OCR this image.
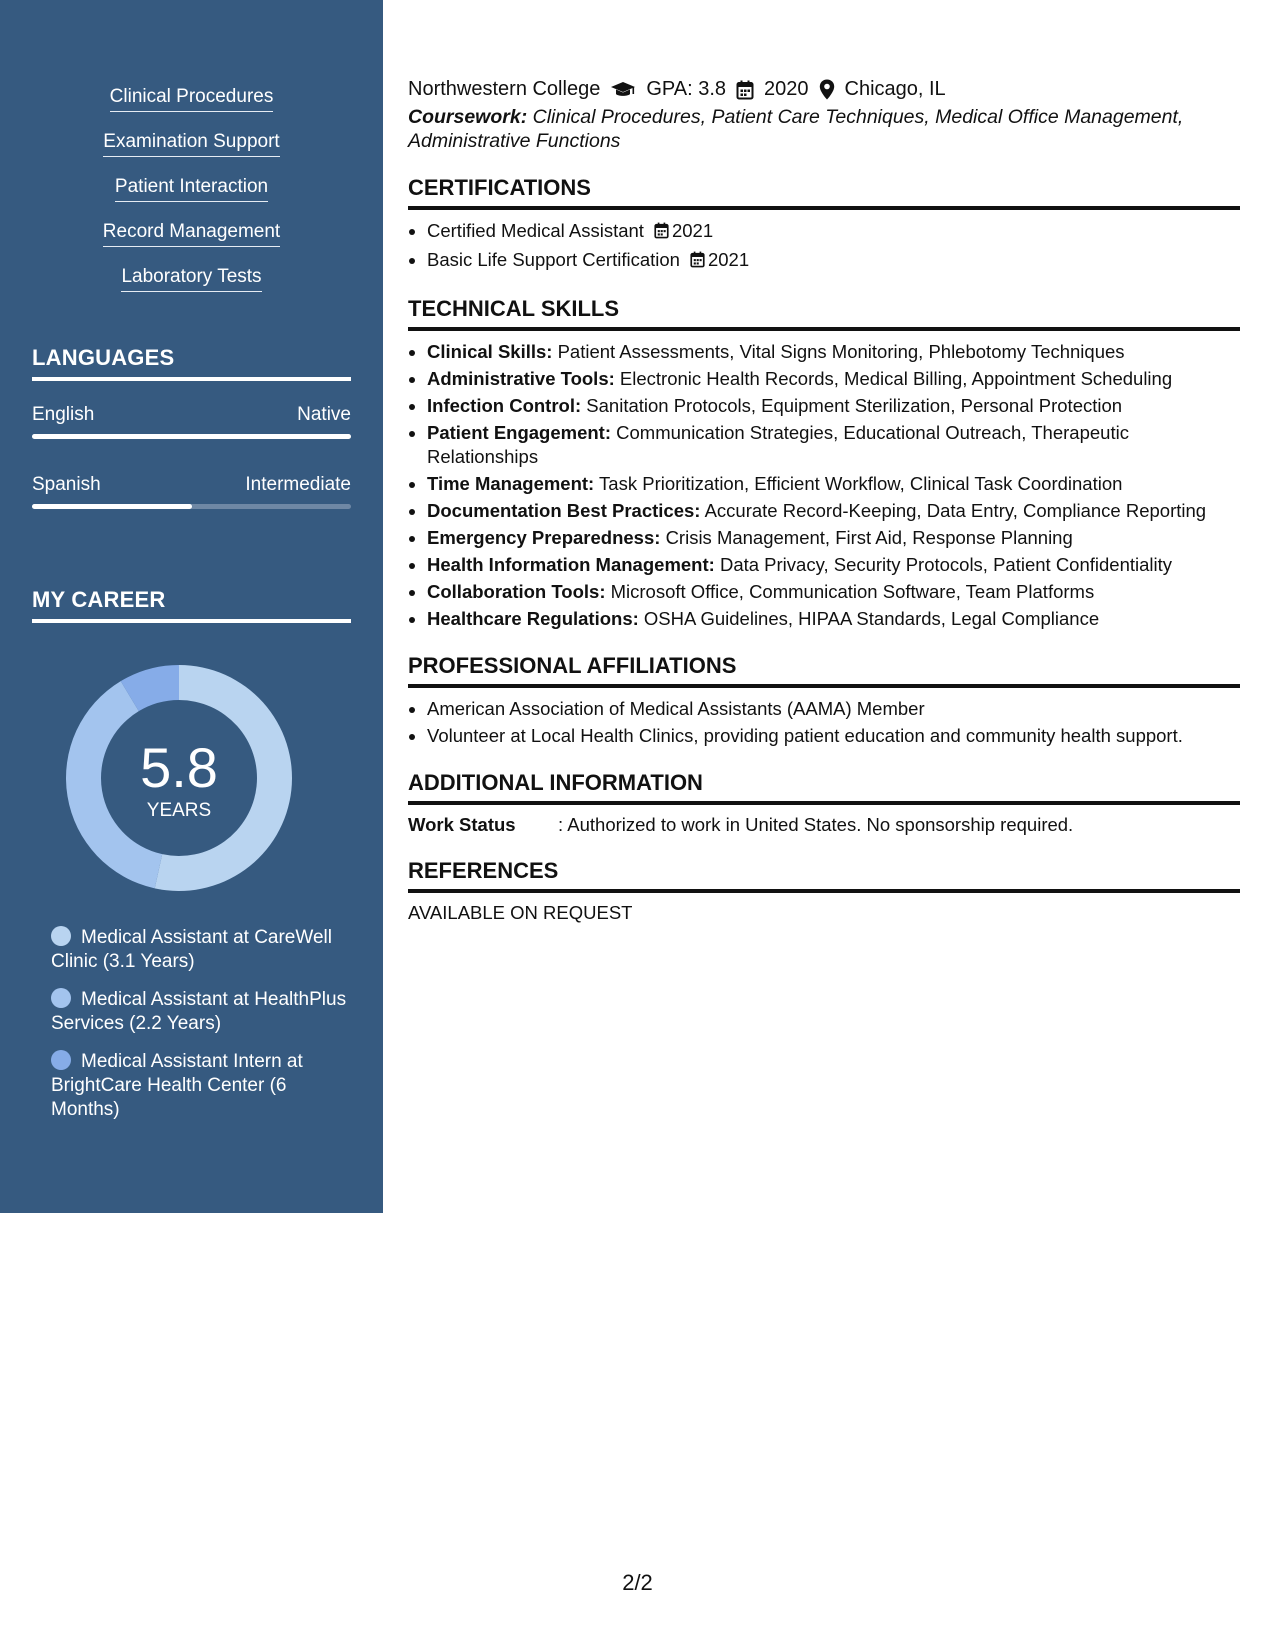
Clinical Procedures
Examination Support
Patient Interaction
Record Management
Laboratory Tests
LANGUAGES
English	Native
Spanish	Intermediate
MY CAREER
5.8
YEARS
Medical Assistant at CareWell Clinic (3.1 Years)
Medical Assistant at HealthPlus Services (2.2 Years)
Medical Assistant Intern at BrightCare Health Center (6 Months)
Northwestern College GPA: 3.8 2020 Chicago, IL
Coursework: Clinical Procedures, Patient Care Techniques, Medical Office Management, Administrative Functions
CERTIFICATIONS
• Certified Medical Assistant 2021
• Basic Life Support Certification 2021
TECHNICAL SKILLS
• Clinical Skills: Patient Assessments, Vital Signs Monitoring, Phlebotomy Techniques
• Administrative Tools: Electronic Health Records, Medical Billing, Appointment Scheduling
• Infection Control: Sanitation Protocols, Equipment Sterilization, Personal Protection
• Patient Engagement: Communication Strategies, Educational Outreach, Therapeutic Relationships
• Time Management: Task Prioritization, Efficient Workflow, Clinical Task Coordination
• Documentation Best Practices: Accurate Record-Keeping, Data Entry, Compliance Reporting
• Emergency Preparedness: Crisis Management, First Aid, Response Planning
• Health Information Management: Data Privacy, Security Protocols, Patient Confidentiality
• Collaboration Tools: Microsoft Office, Communication Software, Team Platforms
• Healthcare Regulations: OSHA Guidelines, HIPAA Standards, Legal Compliance
PROFESSIONAL AFFILIATIONS
• American Association of Medical Assistants (AAMA) Member
• Volunteer at Local Health Clinics, providing patient education and community health support.
ADDITIONAL INFORMATION
Work Status	: Authorized to work in United States. No sponsorship required.
REFERENCES
AVAILABLE ON REQUEST
2/2
